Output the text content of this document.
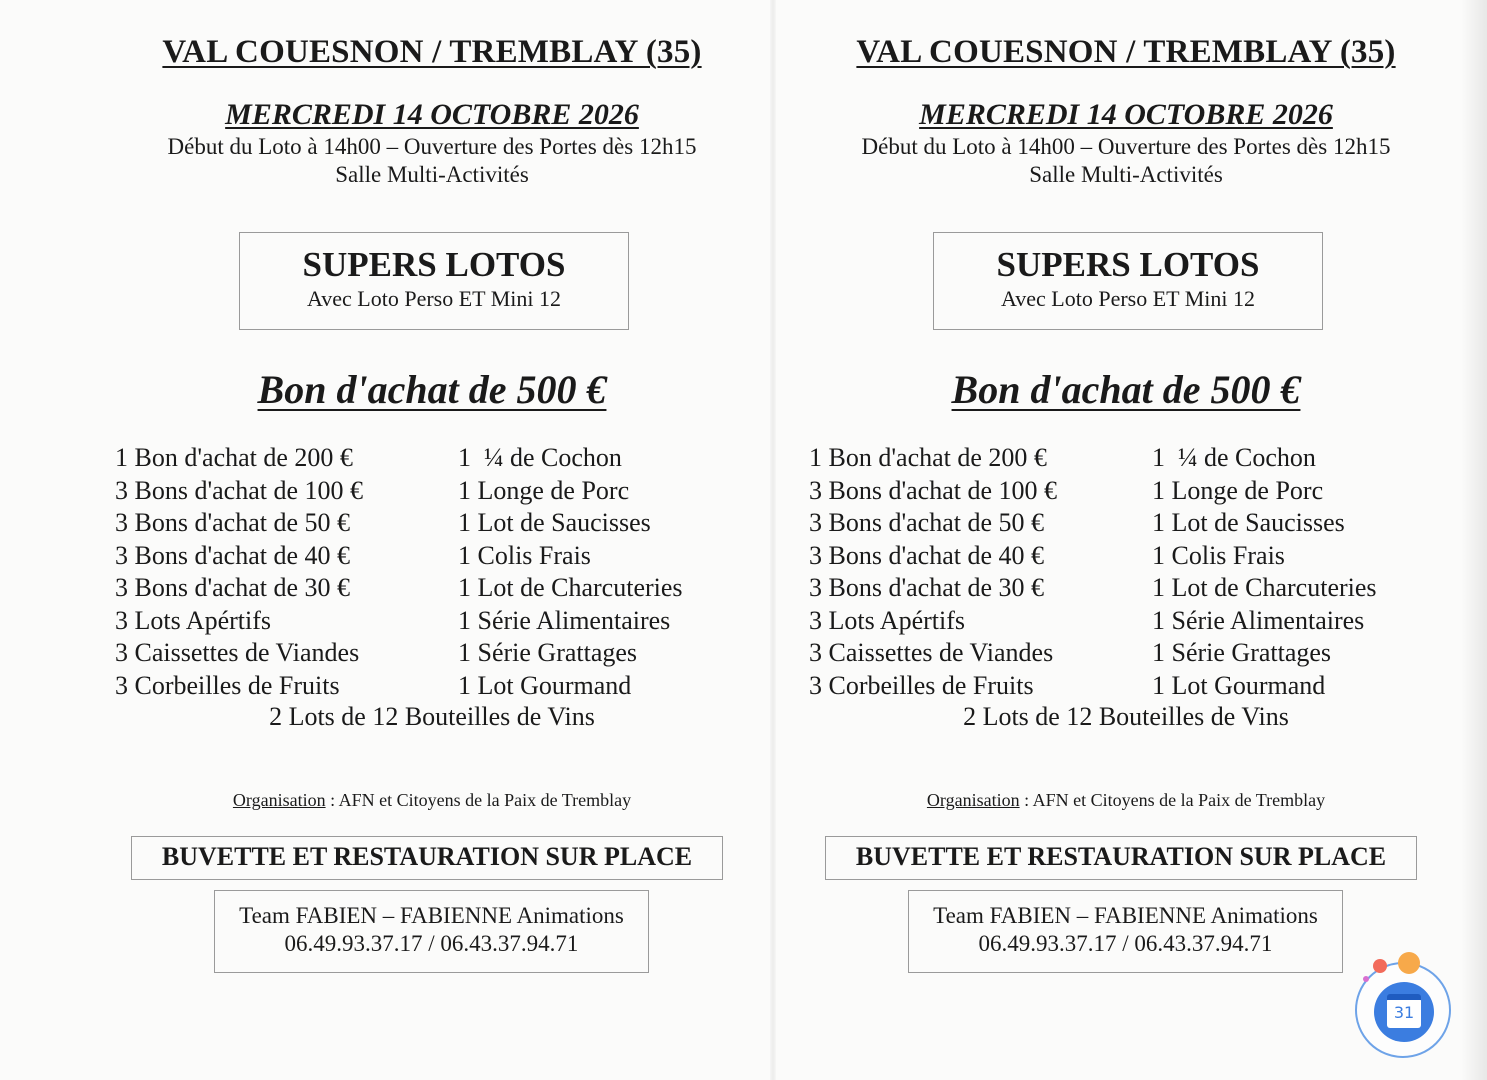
VAL COUESNON / TREMBLAY (35)
MERCREDI 14 OCTOBRE 2026
Début du Loto à 14h00 – Ouverture des Portes dès 12h15
Salle Multi-Activités
SUPERS LOTOS
Avec Loto Perso ET Mini 12
Bon d'achat de 500 €
1 Bon d'achat de 200 €
3 Bons d'achat de 100 €
3 Bons d'achat de 50 €
3 Bons d'achat de 40 €
3 Bons d'achat de 30 €
3 Lots Apértifs
3 Caissettes de Viandes
3 Corbeilles de Fruits
1  ¼ de Cochon
1 Longe de Porc
1 Lot de Saucisses
1 Colis Frais
1 Lot de Charcuteries
1 Série Alimentaires
1 Série Grattages
1 Lot Gourmand
2 Lots de 12 Bouteilles de Vins
Organisation : AFN et Citoyens de la Paix de Tremblay
BUVETTE ET RESTAURATION SUR PLACE
Team FABIEN – FABIENNE Animations
06.49.93.37.17 / 06.43.37.94.71
VAL COUESNON / TREMBLAY (35)
MERCREDI 14 OCTOBRE 2026
Début du Loto à 14h00 – Ouverture des Portes dès 12h15
Salle Multi-Activités
SUPERS LOTOS
Avec Loto Perso ET Mini 12
Bon d'achat de 500 €
1 Bon d'achat de 200 €
3 Bons d'achat de 100 €
3 Bons d'achat de 50 €
3 Bons d'achat de 40 €
3 Bons d'achat de 30 €
3 Lots Apértifs
3 Caissettes de Viandes
3 Corbeilles de Fruits
1  ¼ de Cochon
1 Longe de Porc
1 Lot de Saucisses
1 Colis Frais
1 Lot de Charcuteries
1 Série Alimentaires
1 Série Grattages
1 Lot Gourmand
2 Lots de 12 Bouteilles de Vins
Organisation : AFN et Citoyens de la Paix de Tremblay
BUVETTE ET RESTAURATION SUR PLACE
Team FABIEN – FABIENNE Animations
06.49.93.37.17 / 06.43.37.94.71
31
